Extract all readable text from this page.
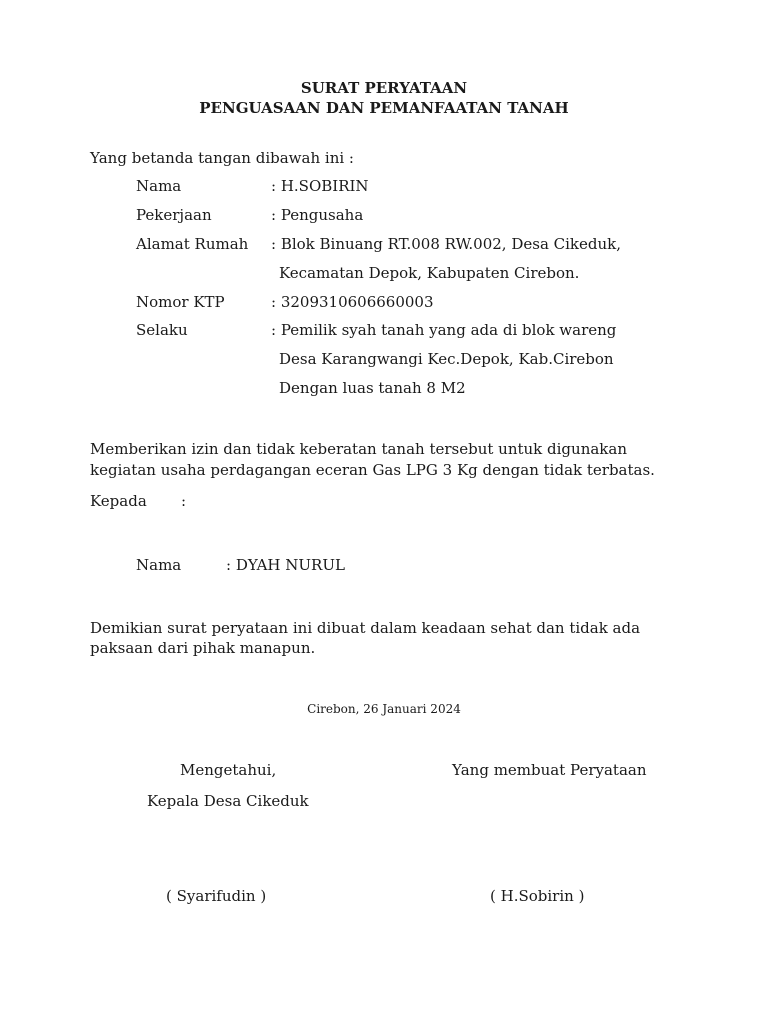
SURAT PERYATAAN
PENGUASAAN DAN PEMANFAATAN TANAH
Yang betanda tangan dibawah ini :
Nama	: H.SOBIRIN
Pekerjaan	: Pengusaha
Alamat Rumah : Blok Binuang RT.008 RW.002, Desa Cikeduk,
Kecamatan Depok, Kabupaten Cirebon.
Nomor KTP	: 3209310606660003
Selaku	: Pemilik syah tanah yang ada di blok wareng
Desa Karangwangi Kec.Depok, Kab.Cirebon
Dengan luas tanah 8 M2
Memberikan izin dan tidak keberatan tanah tersebut untuk digunakan
kegiatan usaha perdagangan eceran Gas LPG 3 Kg dengan tidak terbatas.
Kepada :
Nama	: DYAH NURUL
Demikian surat peryataan ini dibuat dalam keadaan sehat dan tidak ada
paksaan dari pihak manapun.
Cirebon, 26 Januari 2024
Mengetahui,
Kepala Desa Cikeduk
( Syarifudin )
Yang membuat Peryataan
( H.Sobirin )
